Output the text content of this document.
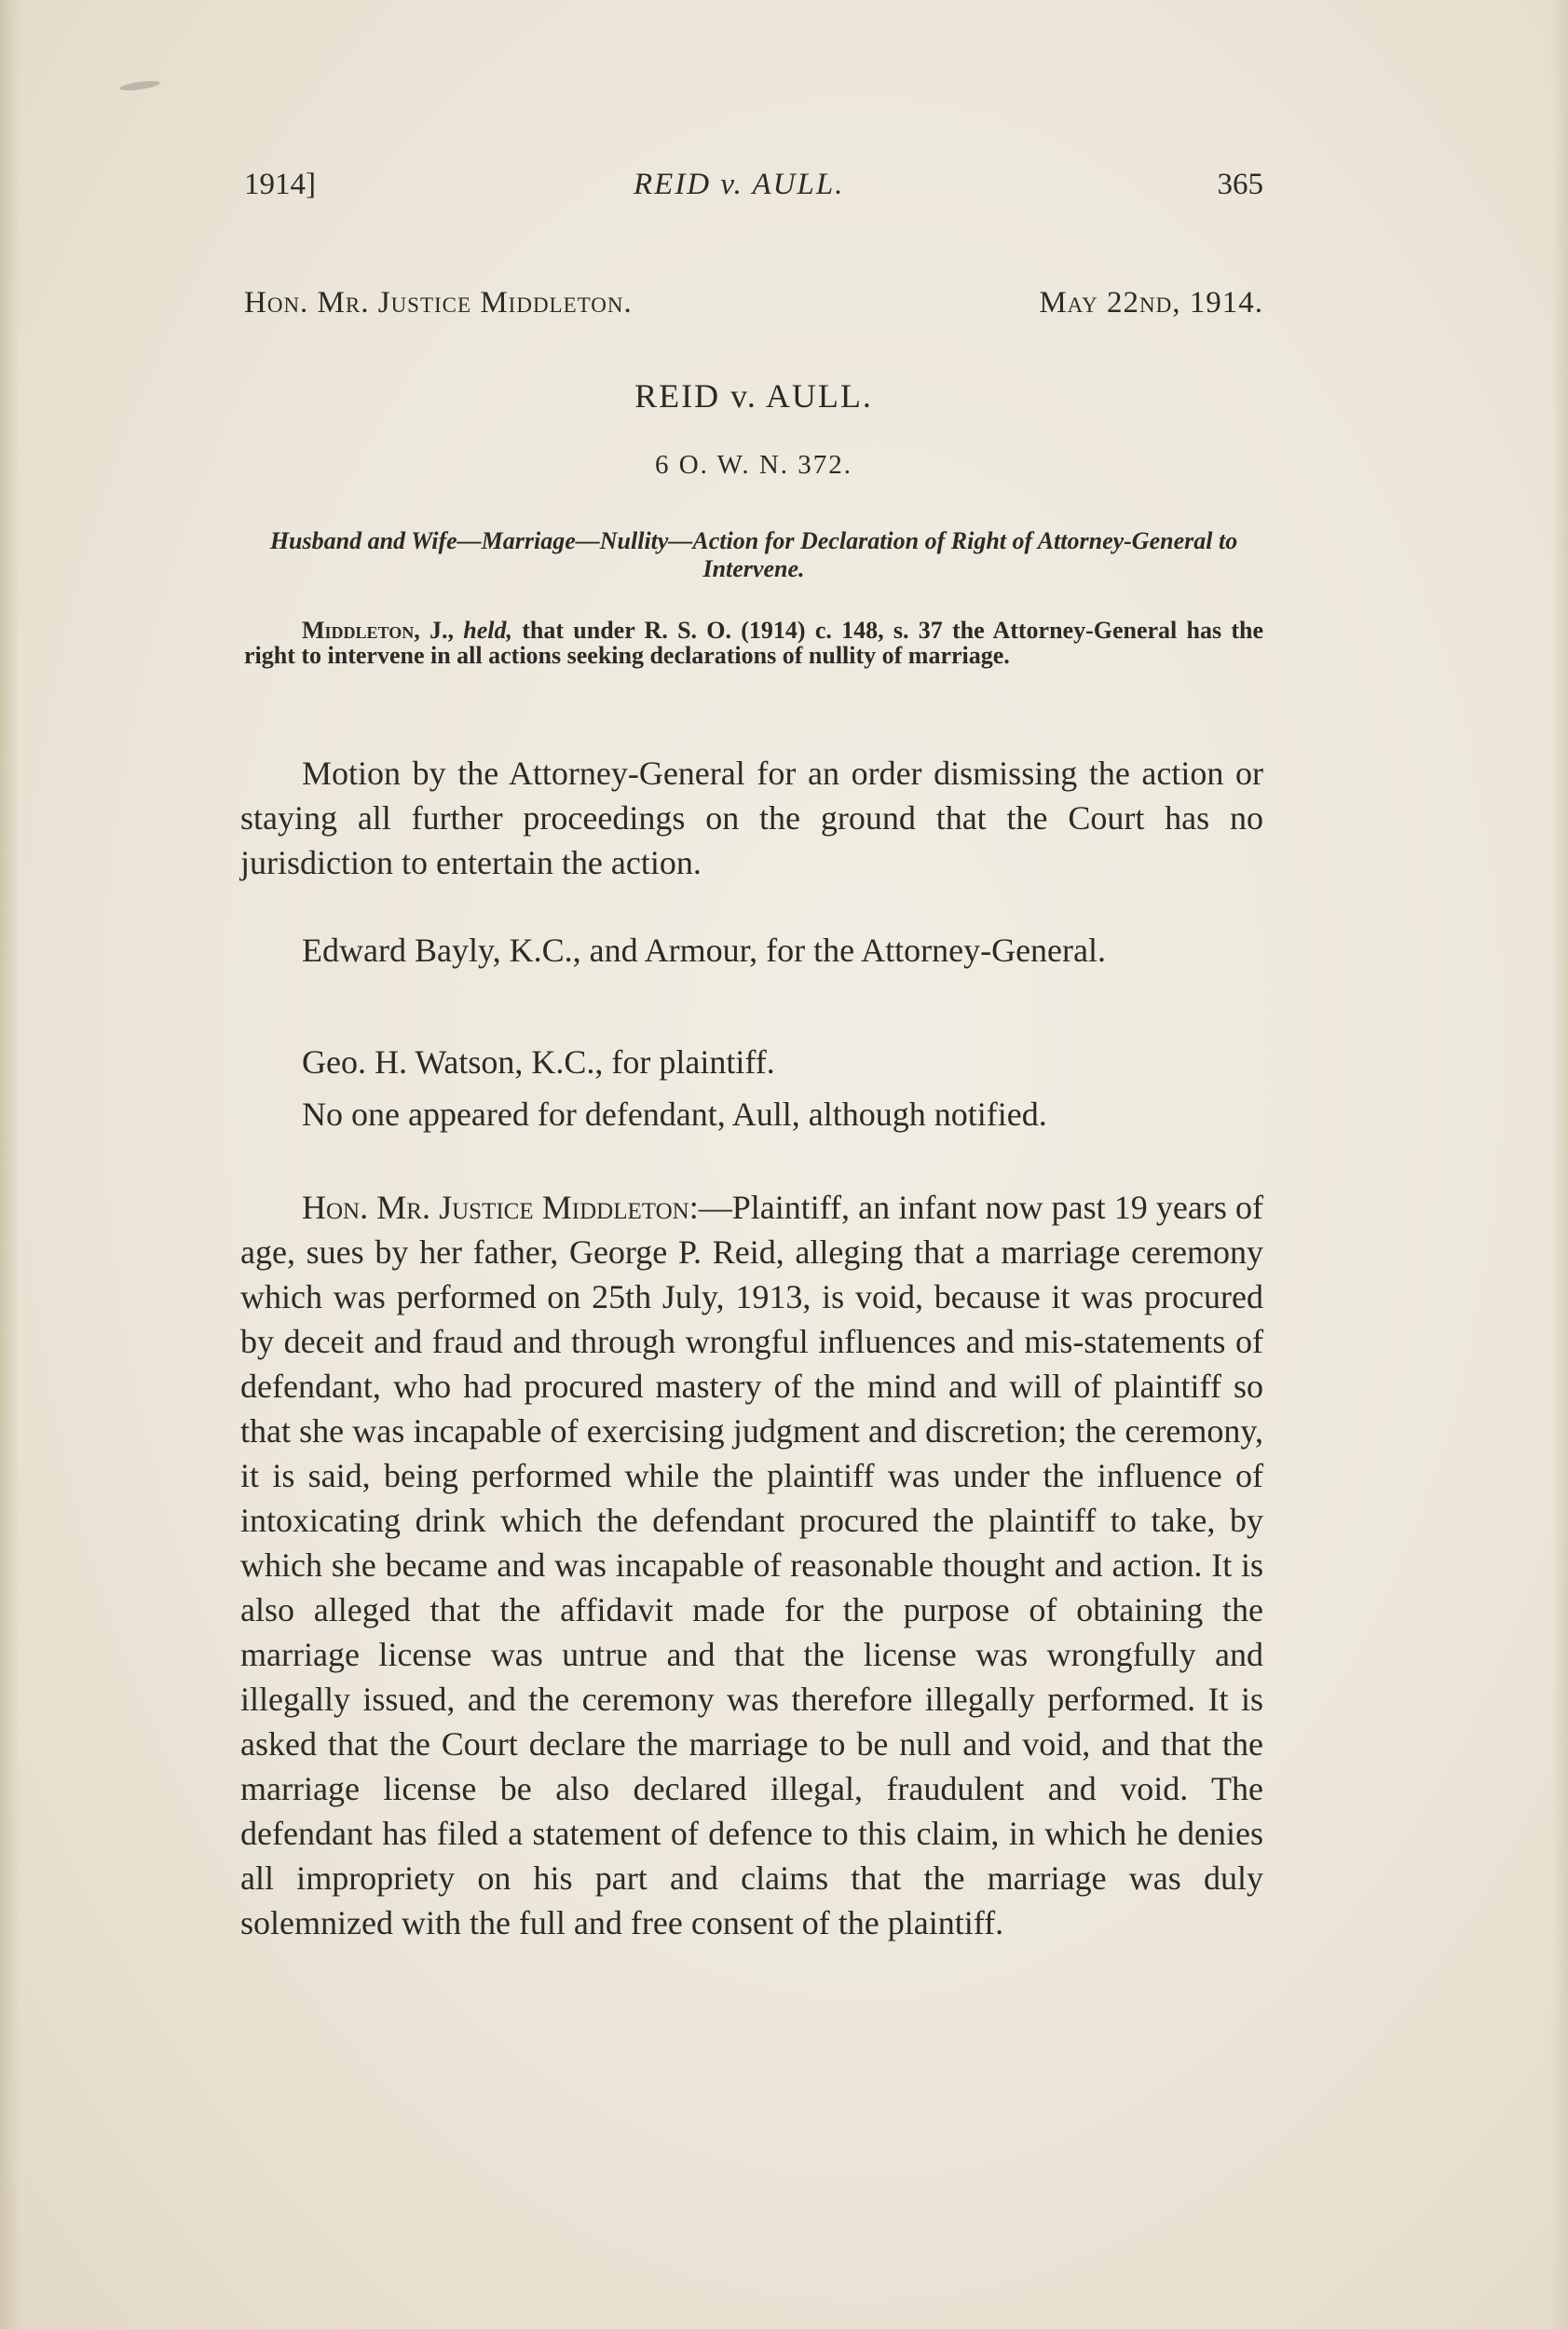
1914]	REID v. AULL.	365
Hon. Mr. Justice Middleton.	May 22nd, 1914.
REID v. AULL.
6 O. W. N. 372.
Husband and Wife—Marriage—Nullity—Action for Declaration of Right of Attorney-General to Intervene.
Middleton, J., held, that under R. S. O. (1914) c. 148, s. 37 the Attorney-General has the right to intervene in all actions seeking declarations of nullity of marriage.

Motion by the Attorney-General for an order dismissing the action or staying all further proceedings on the ground that the Court has no jurisdiction to entertain the action.

Edward Bayly, K.C., and Armour, for the Attorney-General.

Geo. H. Watson, K.C., for plaintiff.

No one appeared for defendant, Aull, although notified.

Hon. Mr. Justice Middleton:—Plaintiff, an infant now past 19 years of age, sues by her father, George P. Reid, alleging that a marriage ceremony which was performed on 25th July, 1913, is void, because it was procured by deceit and fraud and through wrongful influences and mis-statements of defendant, who had procured mastery of the mind and will of plaintiff so that she was incapable of exercising judgment and discretion; the ceremony, it is said, being performed while the plaintiff was under the influence of intoxicating drink which the defendant procured the plaintiff to take, by which she became and was incapable of reasonable thought and action. It is also alleged that the affidavit made for the purpose of obtaining the marriage license was untrue and that the license was wrongfully and illegally issued, and the ceremony was therefore illegally performed. It is asked that the Court declare the marriage to be null and void, and that the marriage license be also declared illegal, fraudulent and void. The defendant has filed a statement of defence to this claim, in which he denies all impropriety on his part and claims that the marriage was duly solemnized with the full and free consent of the plaintiff.
